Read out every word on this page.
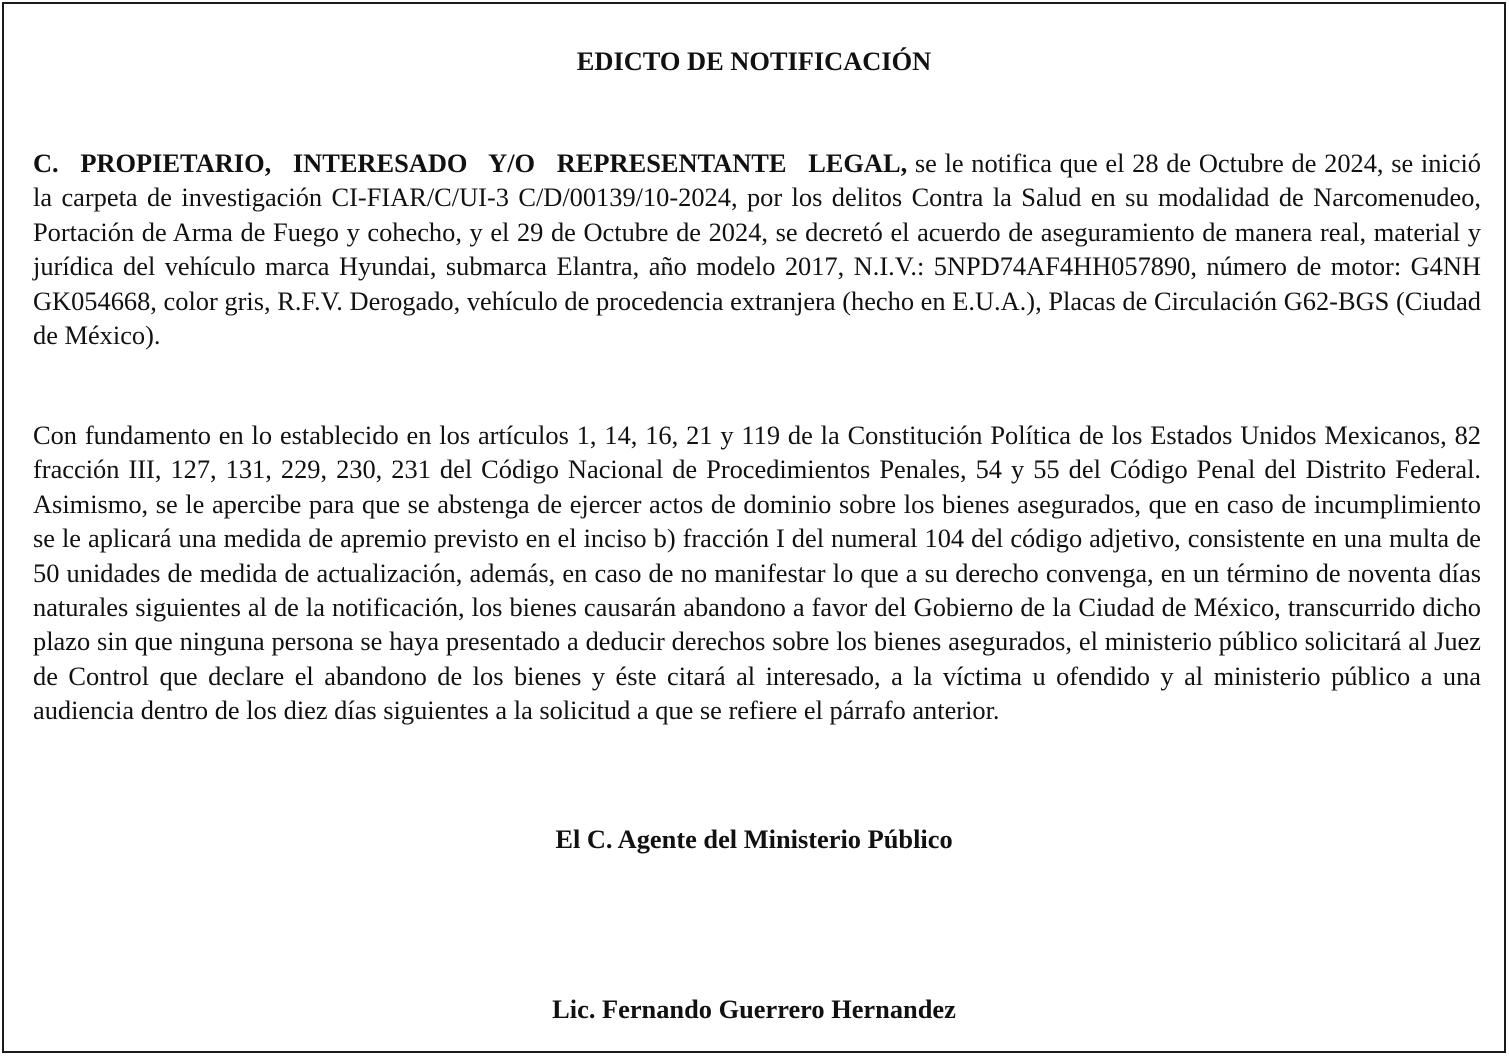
EDICTO DE NOTIFICACIÓN

C. PROPIETARIO, INTERESADO Y/O REPRESENTANTE LEGAL, se le notifica que el 28 de Octubre de 2024, se inició la carpeta de investigación CI-FIAR/C/UI-3 C/D/00139/10-2024, por los delitos Contra la Salud en su modalidad de Narcomenudeo, Portación de Arma de Fuego y cohecho, y el 29 de Octubre de 2024, se decretó el acuerdo de aseguramiento de manera real, material y jurídica del vehículo marca Hyundai, submarca Elantra, año modelo 2017, N.I.V.: 5NPD74AF4HH057890, número de motor: G4NH GK054668, color gris, R.F.V. Derogado, vehículo de procedencia extranjera (hecho en E.U.A.), Placas de Circulación G62-BGS (Ciudad de México).

Con fundamento en lo establecido en los artículos 1, 14, 16, 21 y 119 de la Constitución Política de los Estados Unidos Mexicanos, 82 fracción III, 127, 131, 229, 230, 231 del Código Nacional de Procedimientos Penales, 54 y 55 del Código Penal del Distrito Federal. Asimismo, se le apercibe para que se abstenga de ejercer actos de dominio sobre los bienes asegurados, que en caso de incumplimiento se le aplicará una medida de apremio previsto en el inciso b) fracción I del numeral 104 del código adjetivo, consistente en una multa de 50 unidades de medida de actualización, además, en caso de no manifestar lo que a su derecho convenga, en un término de noventa días naturales siguientes al de la notificación, los bienes causarán abandono a favor del Gobierno de la Ciudad de México, transcurrido dicho plazo sin que ninguna persona se haya presentado a deducir derechos sobre los bienes asegurados, el ministerio público solicitará al Juez de Control que declare el abandono de los bienes y éste citará al interesado, a la víctima u ofendido y al ministerio público a una audiencia dentro de los diez días siguientes a la solicitud a que se refiere el párrafo anterior.

El C. Agente del Ministerio Público
Lic. Fernando Guerrero Hernandez
